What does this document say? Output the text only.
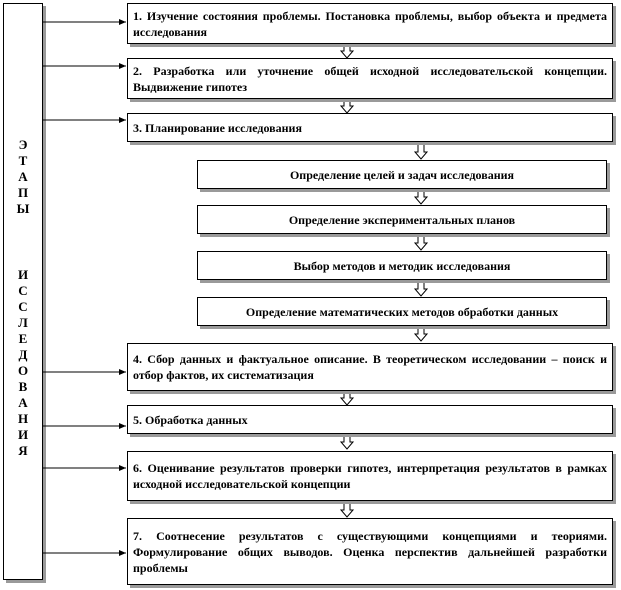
Э
Т
А
П
Ы
И
С
С
Л
Е
Д
О
В
А
Н
И
Я
1. Изучение состояния проблемы. Постановка проблемы, выбор объекта и предмета исследования
2. Разработка или уточнение общей исходной исследовательской концепции. Выдвижение гипотез
3. Планирование исследования
Определение целей и задач исследования
Определение экспериментальных планов
Выбор методов и методик исследования
Определение математических методов обработки данных
4. Сбор данных и фактуальное описание. В теоретическом исследовании – поиск и отбор фактов, их систематизация
5. Обработка данных
6. Оценивание результатов проверки гипотез, интерпретация результатов в рамках исходной исследовательской концепции
7. Соотнесение результатов с существующими концепциями и теориями. Формулирование общих выводов. Оценка перспектив дальнейшей разработки проблемы
